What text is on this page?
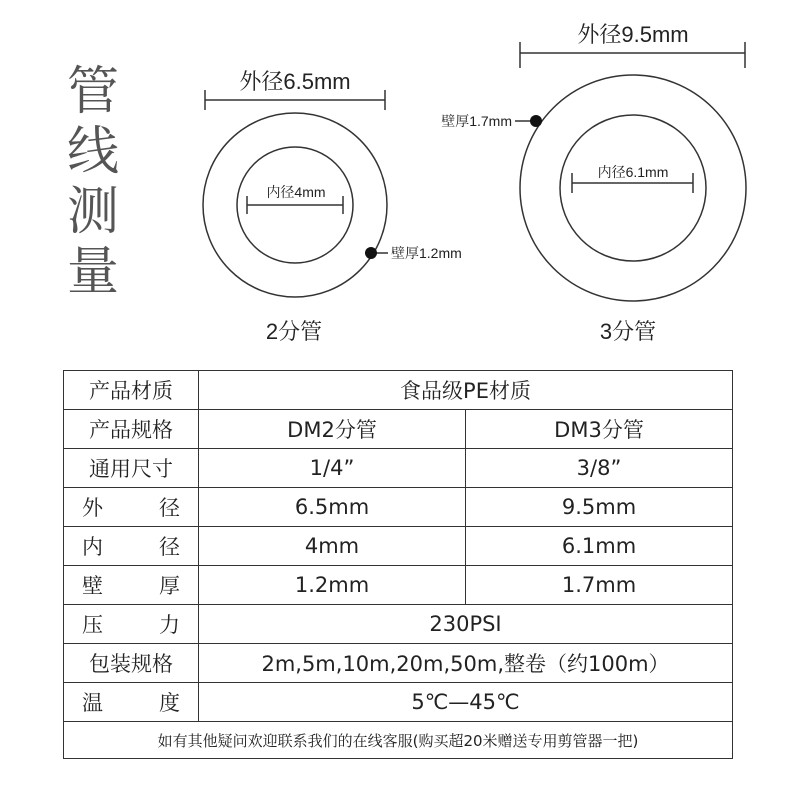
管
线
测
量
外径6.5mm
内径4mm
壁厚1.2mm
2分管
外径9.5mm
内径6.1mm
壁厚1.7mm
3分管
产品材质	食品级PE材质	
产品规格	DM2分管	DM3分管
通用尺寸	1/4”	3/8”
外　径	6.5mm	9.5mm
内　径	4mm	6.1mm
壁　厚	1.2mm	1.7mm
压　力	230PSI	
包装规格	2m,5m,10m,20m,50m,整卷（约100m）	
温　度	5℃—45℃	
如有其他疑问欢迎联系我们的在线客服(购买超20米赠送专用剪管器一把)		
